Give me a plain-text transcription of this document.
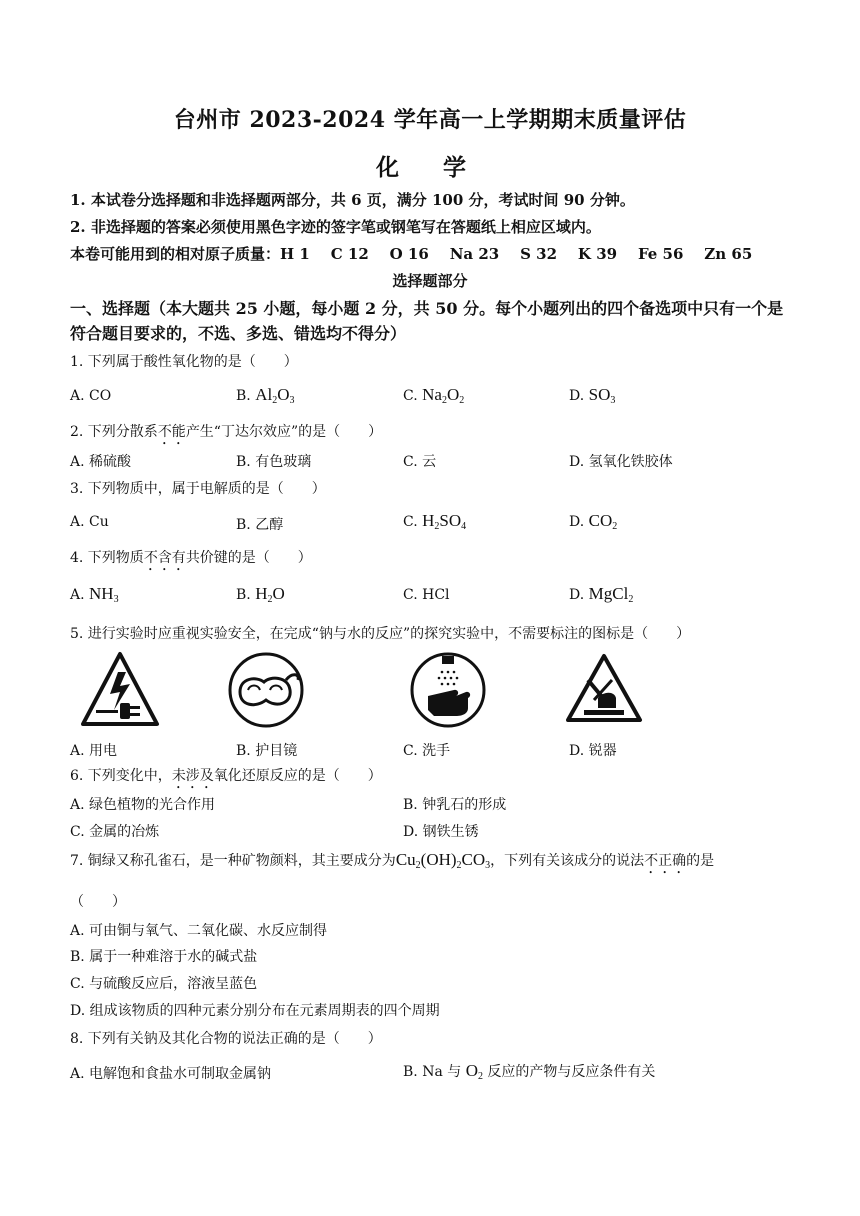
台州市 2023-2024 学年高一上学期期末质量评估
化 学
1. 本试卷分选择题和非选择题两部分，共 6 页，满分 100 分，考试时间 90 分钟。
2. 非选择题的答案必须使用黑色字迹的签字笔或钢笔写在答题纸上相应区域内。
本卷可能用到的相对原子质量：H 1    C 12    O 16    Na 23    S 32    K 39    Fe 56    Zn 65
选择题部分
一、选择题（本大题共 25 小题，每小题 2 分，共 50 分。每个小题列出的四个备选项中只有一个是符合题目要求的，不选、多选、错选均不得分）
1. 下列属于酸性氧化物的是（　　）
A. CO	B. $Al_2O_3$	C. $Na_2O_2$	D. $SO_3$
2. 下列分散系不能产生“丁达尔效应”的是（　　）
A. 稀硫酸	B. 有色玻璃	C. 云	D. 氢氧化铁胶体
3. 下列物质中，属于电解质的是（　　）
A. Cu	B. 乙醇	C. $H_2SO_4$	D. $CO_2$
4. 下列物质不含有共价键的是（　　）
A. $NH_3$	B. $H_2O$	C. HCl	D. MgCl$_2$
5. 进行实验时应重视实验安全，在完成“钠与水的反应”的探究实验中，不需要标注的图标是（　　）
A. 用电	B. 护目镜	C. 洗手	D. 锐器
6. 下列变化中，未涉及氧化还原反应的是（　　）
A. 绿色植物的光合作用	B. 钟乳石的形成
C. 金属的冶炼	D. 钢铁生锈
7. 铜绿又称孔雀石，是一种矿物颜料，其主要成分为$Cu_2(OH)_2CO_3$，下列有关该成分的说法不正确的是
（　　）
A. 可由铜与氧气、二氧化碳、水反应制得
B. 属于一种难溶于水的碱式盐
C. 与硫酸反应后，溶液呈蓝色
D. 组成该物质的四种元素分别分布在元素周期表的四个周期
8. 下列有关钠及其化合物的说法正确的是（　　）
A. 电解饱和食盐水可制取金属钠	B. Na 与 $O_2$ 反应的产物与反应条件有关
